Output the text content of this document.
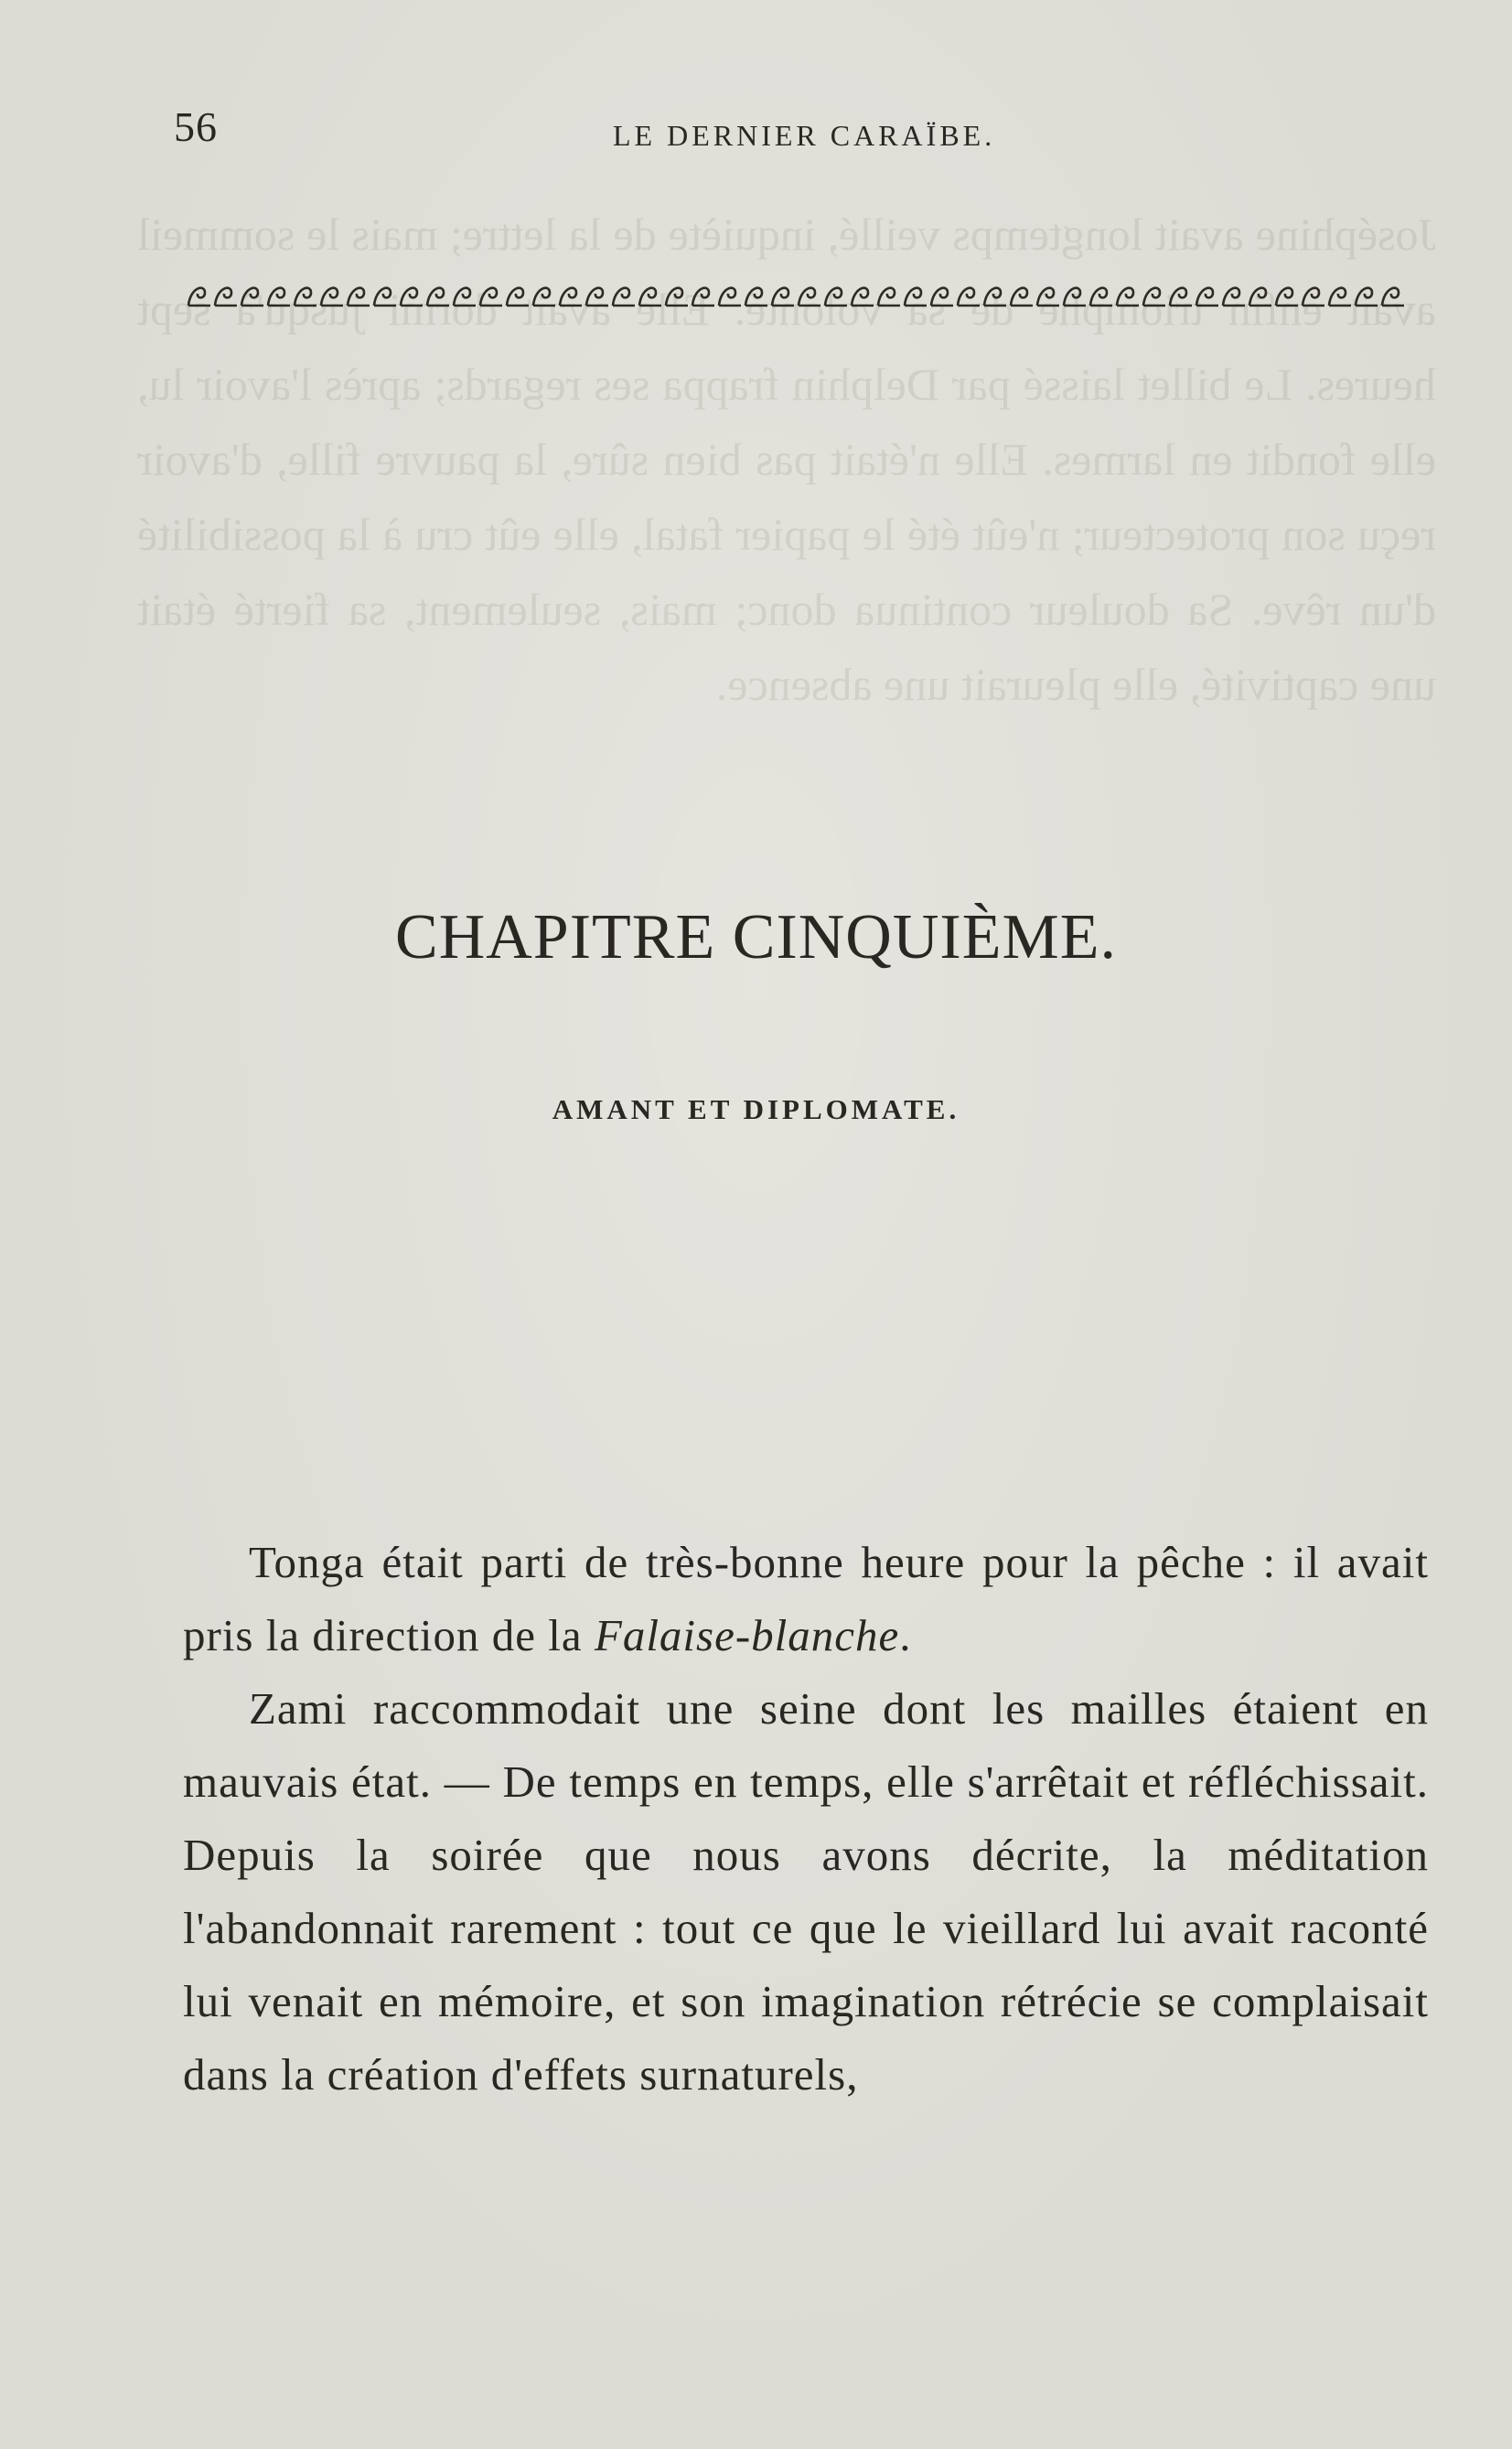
Joséphine avait longtemps veillé, inquiète de la lettre; mais le sommeil avait enfin triomphé de sa volonté. Elle avait dormi jusqu'à sept heures. Le billet laissé par Delphin frappa ses regards; après l'avoir lu, elle fondit en larmes. Elle n'était pas bien sûre, la pauvre fille, d'avoir reçu son protecteur; n'eût été le papier fatal, elle eût cru à la possibilité d'un rêve. Sa douleur continua donc; mais, seulement, sa fierté était une captivité, elle pleurait une absence.
56	LE DERNIER CARAÏBE.
CHAPITRE CINQUIÈME.
AMANT ET DIPLOMATE.

Tonga était parti de très-bonne heure pour la pêche : il avait pris la direction de la Falaise-blanche.

Zami raccommodait une seine dont les mailles étaient en mauvais état. — De temps en temps, elle s'arrêtait et réfléchissait. Depuis la soirée que nous avons décrite, la méditation l'abandonnait rarement : tout ce que le vieillard lui avait raconté lui venait en mémoire, et son imagination rétrécie se complaisait dans la création d'effets surnaturels,
